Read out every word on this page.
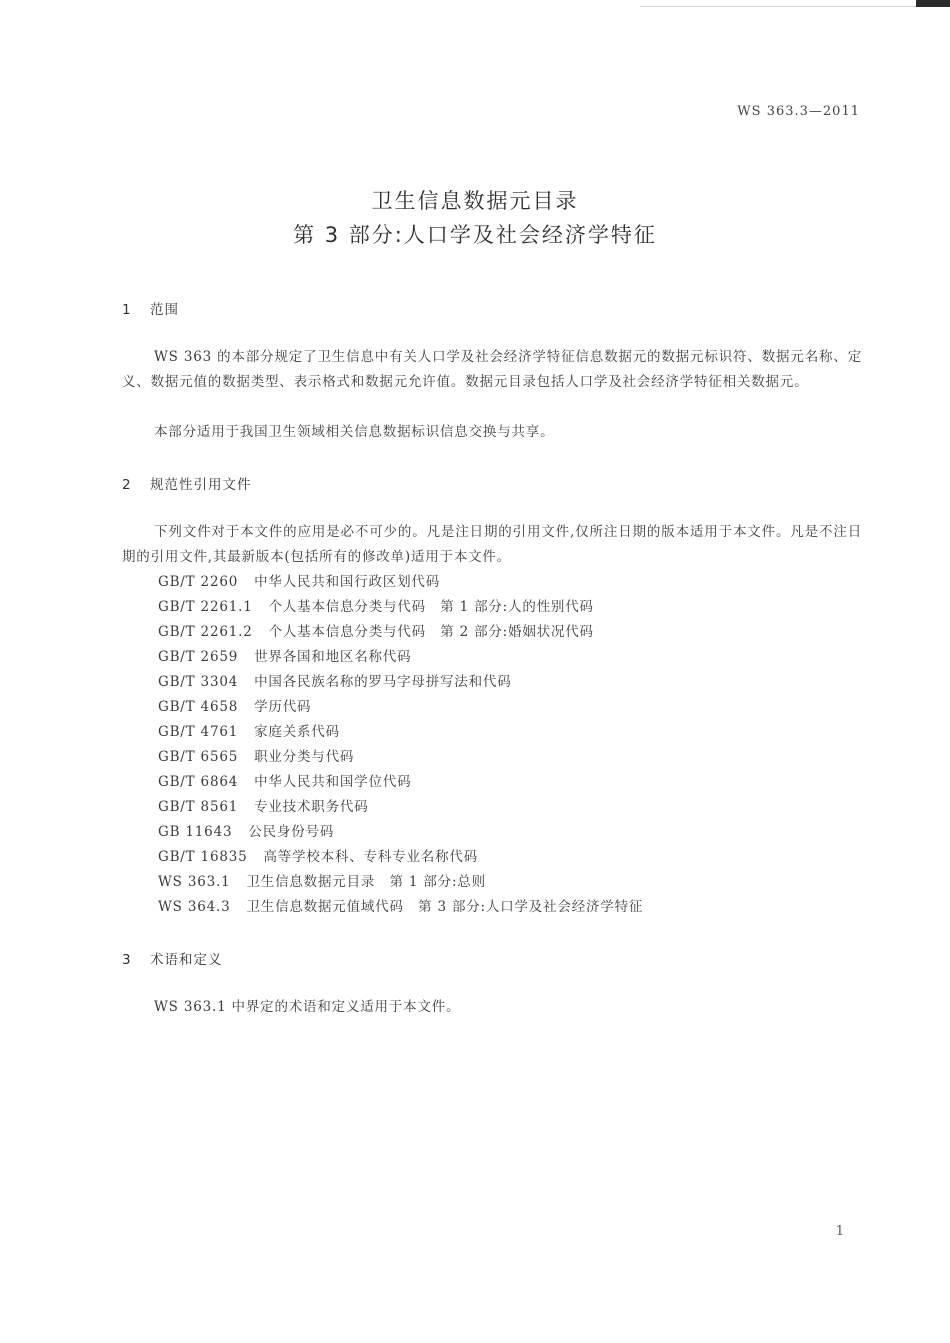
WS 363.3—2011
卫生信息数据元目录
第 3 部分:人口学及社会经济学特征
1 范围
WS 363 的本部分规定了卫生信息中有关人口学及社会经济学特征信息数据元的数据元标识符、数据元名称、定义、数据元值的数据类型、表示格式和数据元允许值。数据元目录包括人口学及社会经济学特征相关数据元。
本部分适用于我国卫生领域相关信息数据标识信息交换与共享。
2 规范性引用文件
下列文件对于本文件的应用是必不可少的。凡是注日期的引用文件,仅所注日期的版本适用于本文件。凡是不注日期的引用文件,其最新版本(包括所有的修改单)适用于本文件。
GB/T 2260 中华人民共和国行政区划代码
GB/T 2261.1 个人基本信息分类与代码　第 1 部分:人的性别代码
GB/T 2261.2 个人基本信息分类与代码　第 2 部分:婚姻状况代码
GB/T 2659 世界各国和地区名称代码
GB/T 3304 中国各民族名称的罗马字母拼写法和代码
GB/T 4658 学历代码
GB/T 4761 家庭关系代码
GB/T 6565 职业分类与代码
GB/T 6864 中华人民共和国学位代码
GB/T 8561 专业技术职务代码
GB 11643 公民身份号码
GB/T 16835 高等学校本科、专科专业名称代码
WS 363.1 卫生信息数据元目录　第 1 部分:总则
WS 364.3 卫生信息数据元值域代码　第 3 部分:人口学及社会经济学特征
3 术语和定义
WS 363.1 中界定的术语和定义适用于本文件。
1
